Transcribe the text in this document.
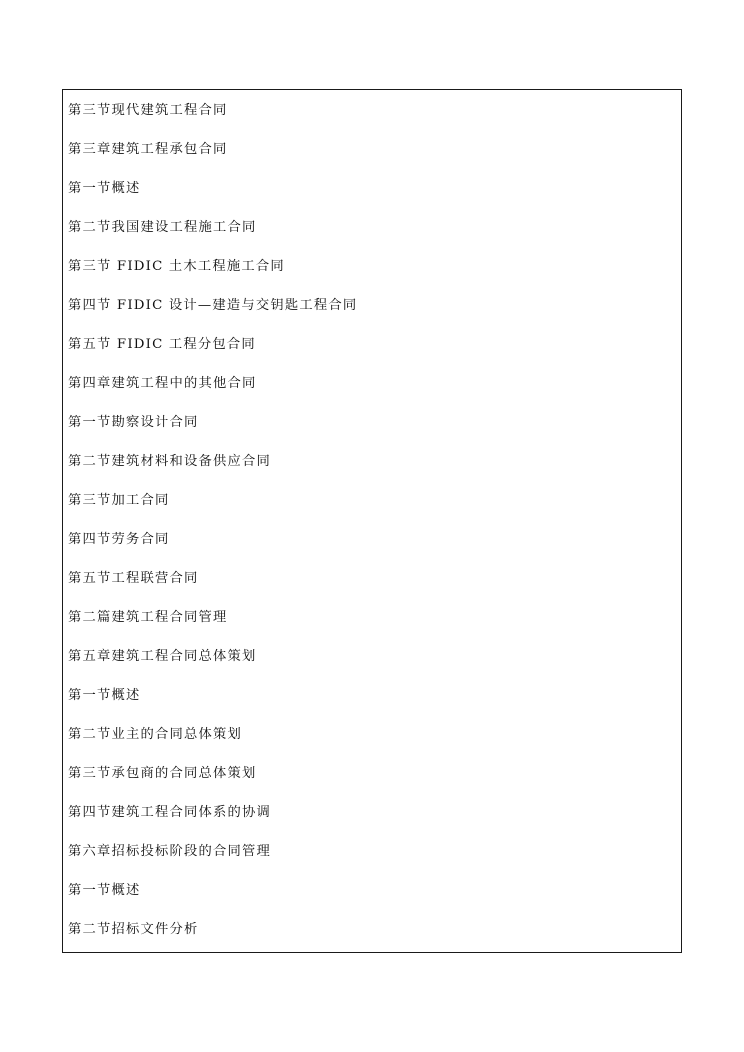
第三节现代建筑工程合同
第三章建筑工程承包合同
第一节概述
第二节我国建设工程施工合同
第三节 FIDIC 土木工程施工合同
第四节 FIDIC 设计—建造与交钥匙工程合同
第五节 FIDIC 工程分包合同
第四章建筑工程中的其他合同
第一节勘察设计合同
第二节建筑材料和设备供应合同
第三节加工合同
第四节劳务合同
第五节工程联营合同
第二篇建筑工程合同管理
第五章建筑工程合同总体策划
第一节概述
第二节业主的合同总体策划
第三节承包商的合同总体策划
第四节建筑工程合同体系的协调
第六章招标投标阶段的合同管理
第一节概述
第二节招标文件分析
